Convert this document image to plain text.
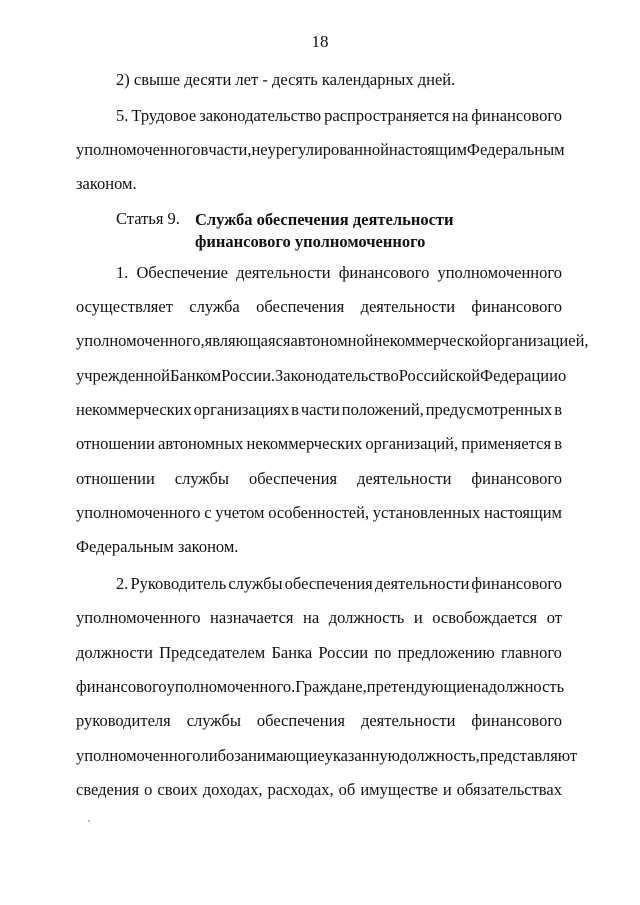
18
2) свыше десяти лет - десять календарных дней.
5. Трудовое законодательство распространяется на финансового
уполномоченного в части, не урегулированной настоящим Федеральным
законом.
Статья 9. Служба обеспечения деятельности
финансового уполномоченного
1. Обеспечение деятельности финансового уполномоченного
осуществляет служба обеспечения деятельности финансового
уполномоченного, являющаяся автономной некоммерческой организацией,
учрежденной Банком России. Законодательство Российской Федерации о
некоммерческих организациях в части положений, предусмотренных в
отношении автономных некоммерческих организаций, применяется в
отношении службы обеспечения деятельности финансового
уполномоченного с учетом особенностей, установленных настоящим
Федеральным законом.
2. Руководитель службы обеспечения деятельности финансового
уполномоченного назначается на должность и освобождается от
должности Председателем Банка России по предложению главного
финансового уполномоченного. Граждане, претендующие на должность
руководителя службы обеспечения деятельности финансового
уполномоченного либо занимающие указанную должность, представляют
сведения о своих доходах, расходах, об имуществе и обязательствах
